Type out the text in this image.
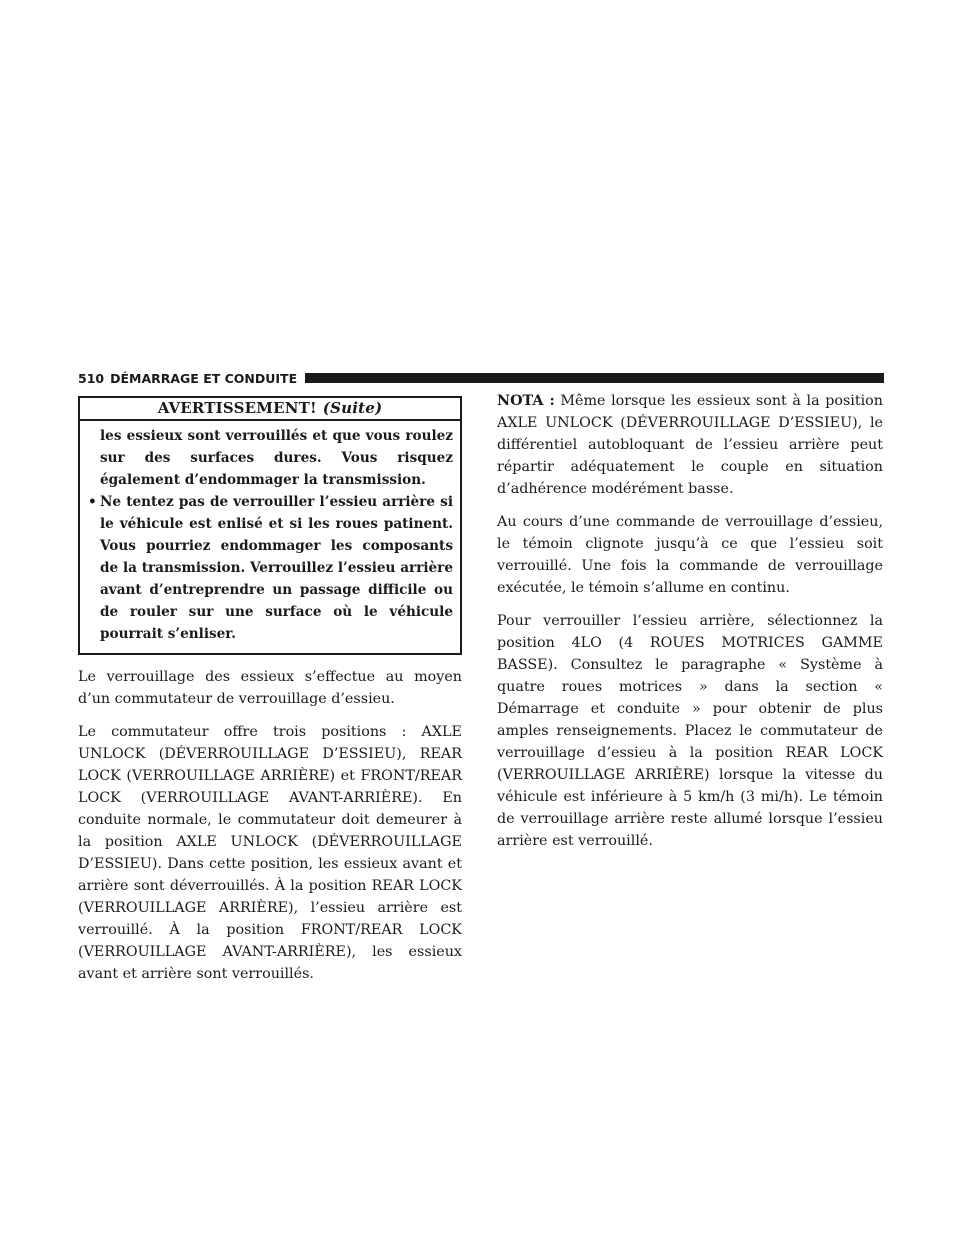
510 DÉMARRAGE ET CONDUITE
AVERTISSEMENT! (Suite)

les essieux sont verrouillés et que vous roulez sur des surfaces dures. Vous risquez également d’endommager la transmission.

• Ne tentez pas de verrouiller l’essieu arrière si le véhicule est enlisé et si les roues patinent. Vous pourriez endommager les composants de la transmission. Verrouillez l’essieu arrière avant d’entreprendre un passage difficile ou de rouler sur une surface où le véhicule pourrait s’enliser.

Le verrouillage des essieux s’effectue au moyen d’un commutateur de verrouillage d’essieu.

Le commutateur offre trois positions : AXLE UNLOCK (DÉVERROUILLAGE D’ESSIEU), REAR LOCK (VERROUILLAGE ARRIÈRE) et FRONT/REAR LOCK (VERROUILLAGE AVANT-ARRIÈRE). En conduite normale, le commutateur doit demeurer à la position AXLE UNLOCK (DÉVERROUILLAGE D’ESSIEU). Dans cette position, les essieux avant et arrière sont déverrouillés. À la position REAR LOCK (VERROUILLAGE ARRIÈRE), l’essieu arrière est verrouillé. À la position FRONT/REAR LOCK (VERROUILLAGE AVANT-ARRIÈRE), les essieux avant et arrière sont verrouillés.

NOTA : Même lorsque les essieux sont à la position AXLE UNLOCK (DÉVERROUILLAGE D’ESSIEU), le différentiel autobloquant de l’essieu arrière peut répartir adéquatement le couple en situation d’adhérence modérément basse.

Au cours d’une commande de verrouillage d’essieu, le témoin clignote jusqu’à ce que l’essieu soit verrouillé. Une fois la commande de verrouillage exécutée, le témoin s’allume en continu.

Pour verrouiller l’essieu arrière, sélectionnez la position 4LO (4 ROUES MOTRICES GAMME BASSE). Consultez le paragraphe « Système à quatre roues motrices » dans la section « Démarrage et conduite » pour obtenir de plus amples renseignements. Placez le commutateur de verrouillage d’essieu à la position REAR LOCK (VERROUILLAGE ARRIÈRE) lorsque la vitesse du véhicule est inférieure à 5 km/h (3 mi/h). Le témoin de verrouillage arrière reste allumé lorsque l’essieu arrière est verrouillé.
